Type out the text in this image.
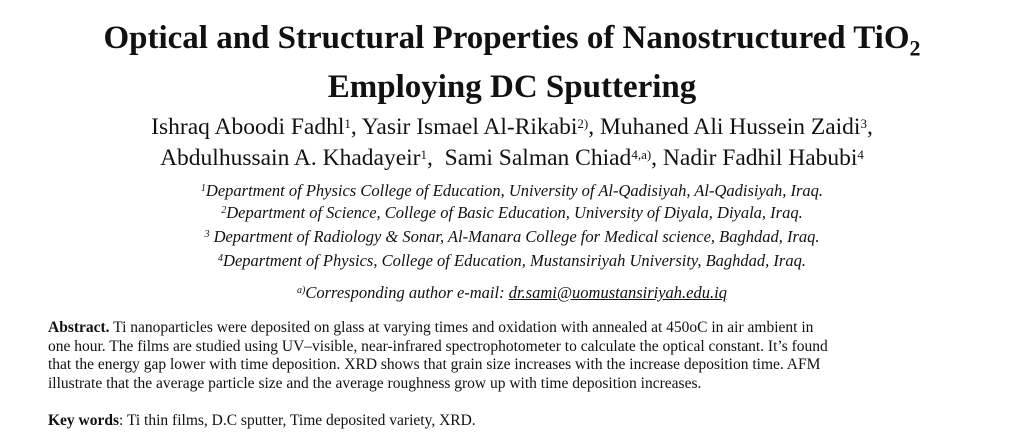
Optical and Structural Properties of Nanostructured TiO$_2$
Employing DC Sputtering
Ishraq Aboodi Fadhl$^1$, Yasir Ismael Al-Rikabi$^{2)}$, Muhaned Ali Hussein Zaidi$^3$,
Abdulhussain A. Khadayeir$^1$,  Sami Salman Chiad$^{4,a)}$, Nadir Fadhil Habubi$^4$
$^1$Department of Physics College of Education, University of Al-Qadisiyah, Al-Qadisiyah, Iraq.
$^2$Department of Science, College of Basic Education, University of Diyala, Diyala, Iraq.
$^3$ Department of Radiology & Sonar, Al-Manara College for Medical science, Baghdad, Iraq.
$^4$Department of Physics, College of Education, Mustansiriyah University, Baghdad, Iraq.
$^{a)}$Corresponding author e-mail: dr.sami@uomustansiriyah.edu.iq
Abstract. Ti nanoparticles were deposited on glass at varying times and oxidation with annealed at 450oC in air ambient in
one hour. The films are studied using UV–visible, near-infrared spectrophotometer to calculate the optical constant. It’s found
that the energy gap lower with time deposition. XRD shows that grain size increases with the increase deposition time. AFM
illustrate that the average particle size and the average roughness grow up with time deposition increases.
Key words: Ti thin films, D.C sputter, Time deposited variety, XRD.
